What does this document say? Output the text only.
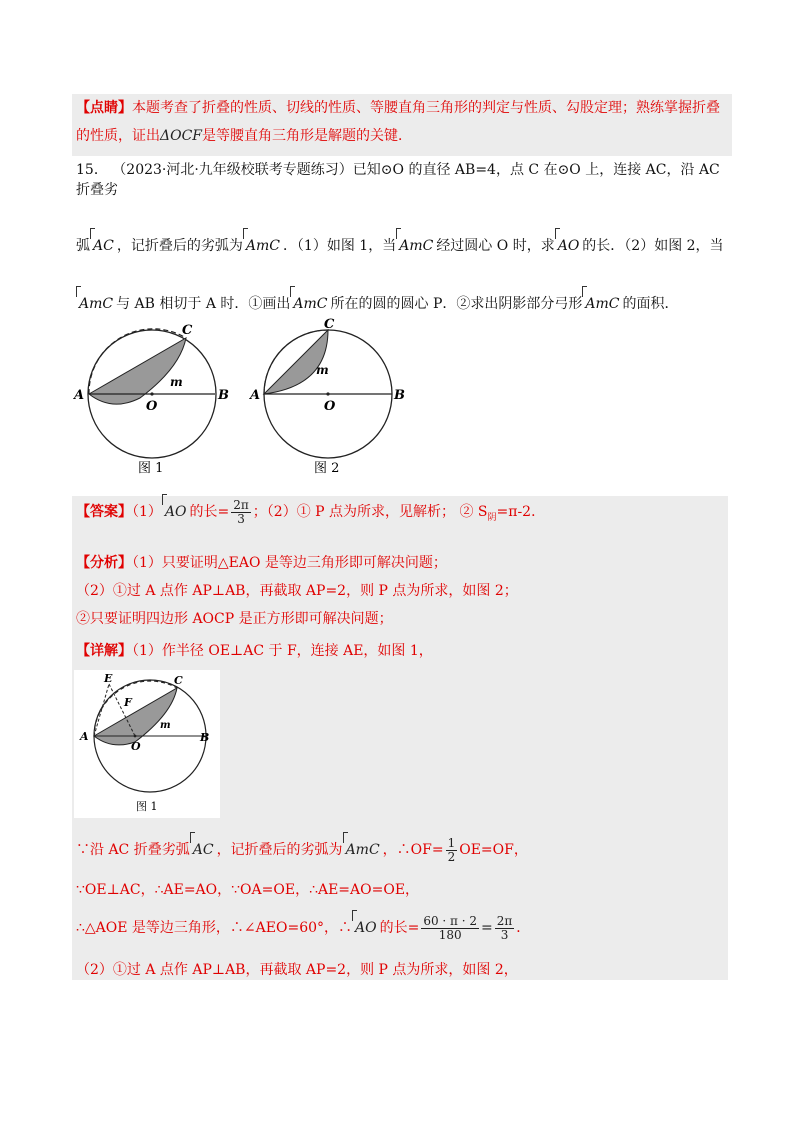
【点睛】本题考查了折叠的性质、切线的性质、等腰直角三角形的判定与性质、勾股定理；熟练掌握折叠
的性质，证出ΔOCF是等腰直角三角形是解题的关键．
15． （2023·河北·九年级校联考专题练习）已知⊙O 的直径 AB=4，点 C 在⊙O 上，连接 AC，沿 AC 折叠劣
弧 AC ，记折叠后的劣弧为 AmC ．（1）如图 1，当 AmC 经过圆心 O 时，求 AO 的长．（2）如图 2，当
AmC 与 AB 相切于 A 时．①画出 AmC 所在的圆的圆心 P．②求出阴影部分弓形 AmC 的面积．
A	B
C
O
m
图 1
A	B
C
O
m
图 2
【答案】（1） AO 的长= $\frac{2\pi}{3}$ ；（2）① P 点为所求，见解析； ② $S_阴=\pi-2$．
【分析】（1）只要证明△EAO 是等边三角形即可解决问题；
（2）①过 A 点作 AP⊥AB，再截取 AP=2，则 P 点为所求，如图 2；
②只要证明四边形 AOCP 是正方形即可解决问题；
【详解】（1）作半径 OE⊥AC 于 F，连接 AE，如图 1，
E
F
A	B
C
O
m
图 1
∵沿 AC 折叠劣弧 AC ，记折叠后的劣弧为 AmC ，∴OF= $\frac{1}{2} OE=OF$，
∵OE⊥AC，∴AE=AO，∵OA=OE，∴AE=AO=OE，
∴△AOE 是等边三角形，∴∠AEO=60°，∴ AO 的长= $\frac{60 \cdot \pi \cdot 2}{180} = \frac{2\pi}{3}$ ．
（2）①过 A 点作 AP⊥AB，再截取 AP=2，则 P 点为所求，如图 2，
